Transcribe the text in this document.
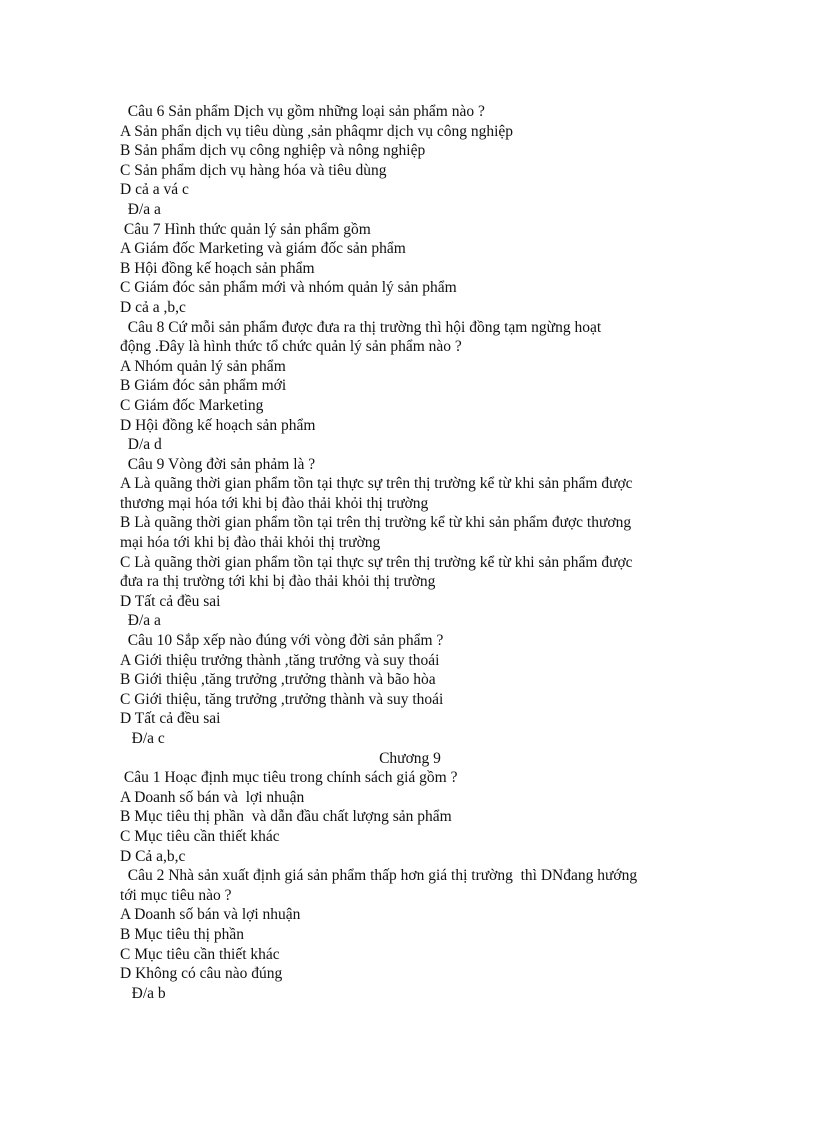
Câu 6 Sản phẩm Dịch vụ gồm những loại sản phẩm nào ?
A Sản phẩn dịch vụ tiêu dùng ,sản phâqmr dịch vụ công nghiệp
B Sản phẩm dịch vụ công nghiệp và nông nghiệp
C Sản phẩm dịch vụ hàng hóa và tiêu dùng
D cả a vá c
Đ/a a
Câu 7 Hình thức quản lý sản phẩm gồm
A Giám đốc Marketing và giám đốc sản phẩm
B Hội đồng kế hoạch sản phẩm
C Giám đóc sản phẩm mới và nhóm quản lý sản phẩm
D cả a ,b,c
Câu 8 Cứ mỗi sản phẩm được đưa ra thị trường thì hội đồng tạm ngừng hoạt
động .Đây là hình thức tổ chức quản lý sản phẩm nào ?
A Nhóm quản lý sản phẩm
B Giám đóc sản phẩm mới
C Giám đốc Marketing
D Hội đồng kế hoạch sản phẩm
D/a d
Câu 9 Vòng đời sản phảm là ?
A Là quãng thời gian phẩm tồn tại thực sự trên thị trường kể từ khi sản phẩm được
thương mại hóa tới khi bị đào thải khỏi thị trường
B Là quãng thời gian phẩm tồn tại trên thị trường kể từ khi sản phẩm được thương
mại hóa tới khi bị đào thải khỏi thị trường
C Là quãng thời gian phẩm tồn tại thực sự trên thị trường kể từ khi sản phẩm được
đưa ra thị trường tới khi bị đào thải khỏi thị trường
D Tất cả đều sai
Đ/a a
Câu 10 Sắp xếp nào đúng với vòng đời sản phẩm ?
A Giới thiệu trưởng thành ,tăng trưởng và suy thoái
B Giới thiệu ,tăng trưởng ,trưởng thành và bão hòa
C Giới thiệu, tăng trưởng ,trưởng thành và suy thoái
D Tất cả đều sai
Đ/a c
Chương 9
Câu 1 Hoạc định mục tiêu trong chính sách giá gồm ?
A Doanh số bán và  lợi nhuận
B Mục tiêu thị phần  và dẫn đầu chất lượng sản phẩm
C Mục tiêu cần thiết khác
D Cả a,b,c
Câu 2 Nhà sản xuất định giá sản phẩm thấp hơn giá thị trường  thì DNđang hướng
tới mục tiêu nào ?
A Doanh số bán và lợi nhuận
B Mục tiêu thị phần
C Mục tiêu cần thiết khác
D Không có câu nào đúng
Đ/a b
